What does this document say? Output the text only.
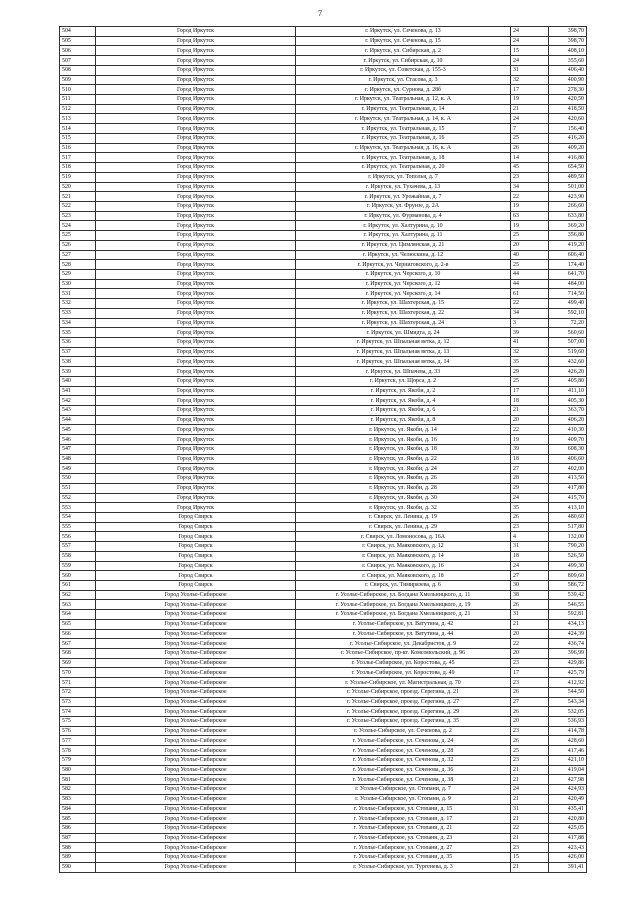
7
504	Город Иркутск	г. Иркутск, ул. Сеченова, д. 13	24	398,70
505	Город Иркутск	г. Иркутск, ул. Сеченова, д. 15	24	398,70
506	Город Иркутск	г. Иркутск, ул. Сибирская, д. 2	15	408,10
507	Город Иркутск	г. Иркутск, ул. Сибирская, д. 10	24	355,60
508	Город Иркутск	г. Иркутск, ул. Советская, д. 155-3	31	406,40
509	Город Иркутск	г. Иркутск, ул. Стасова, д. 3	32	400,90
510	Город Иркутск	г. Иркутск, ул. Сурнова, д. 28б	17	278,30
511	Город Иркутск	г. Иркутск, ул. Театральная, д. 12, к. А	19	420,50
512	Город Иркутск	г. Иркутск, ул. Театральная, д. 14	21	418,50
513	Город Иркутск	г. Иркутск, ул. Театральная, д. 14, к. А	24	420,60
514	Город Иркутск	г. Иркутск, ул. Театральная, д. 15	7	156,40
515	Город Иркутск	г. Иркутск, ул. Театральная, д. 16	25	416,20
516	Город Иркутск	г. Иркутск, ул. Театральная, д. 16, к. А	26	409,20
517	Город Иркутск	г. Иркутск, ул. Театральная, д. 18	14	416,80
518	Город Иркутск	г. Иркутск, ул. Театральная, д. 20	45	654,50
519	Город Иркутск	г. Иркутск, ул. Тополья, д. 7	23	489,50
520	Город Иркутск	г. Иркутск, ул. Тухачева, д. 13	34	501,00
521	Город Иркутск	г. Иркутск, ул. Урожайная, д. 7	22	423,90
522	Город Иркутск	г. Иркутск, ул. Фрунзе, д. 2А	19	266,60
523	Город Иркутск	г. Иркутск, ул. Фурманова, д. 4	63	633,80
524	Город Иркутск	г. Иркутск, ул. Халтурина, д. 10	19	369,20
525	Город Иркутск	г. Иркутск, ул. Халтурина, д. 11	25	356,80
526	Город Иркутск	г. Иркутск, ул. Цимлянская, д. 21	20	419,20
527	Город Иркутск	г. Иркутск, ул. Челюскина, д. 12	40	606,40
528	Город Иркутск	г. Иркутск, ул. Черниговского, д. 2-в	25	174,40
529	Город Иркутск	г. Иркутск, ул. Черского, д. 10	44	641,70
530	Город Иркутск	г. Иркутск, ул. Черского, д. 12	44	484,00
531	Город Иркутск	г. Иркутск, ул. Черского, д. 14	61	714,50
532	Город Иркутск	г. Иркутск, ул. Шахтерская, д. 15	22	499,40
533	Город Иркутск	г. Иркутск, ул. Шахтерская, д. 22	34	592,10
534	Город Иркутск	г. Иркутск, ул. Шахтерская, д. 24	3	72,20
535	Город Иркутск	г. Иркутск, ул. Шмидта, д. 24	39	560,60
536	Город Иркутск	г. Иркутск, ул. Шпальная ветка, д. 12	41	507,00
537	Город Иркутск	г. Иркутск, ул. Шпальная ветка, д. 13	32	519,60
538	Город Иркутск	г. Иркутск, ул. Шпальная ветка, д. 14	35	432,60
539	Город Иркутск	г. Иркутск, ул. Шпачева, д. 33	29	426,20
540	Город Иркутск	г. Иркутск, ул. Щорса, д. 2	25	405,80
541	Город Иркутск	г. Иркутск, ул. Якоби, д. 2	17	411,10
542	Город Иркутск	г. Иркутск, ул. Якоби, д. 4	18	405,30
543	Город Иркутск	г. Иркутск, ул. Якоби, д. 6	21	363,70
544	Город Иркутск	г. Иркутск, ул. Якоби, д. 8	20	406,20
545	Город Иркутск	г. Иркутск, ул. Якоби, д. 14	22	410,30
546	Город Иркутск	г. Иркутск, ул. Якоби, д. 16	19	409,70
547	Город Иркутск	г. Иркутск, ул. Якоби, д. 18	39	608,30
548	Город Иркутск	г. Иркутск, ул. Якоби, д. 22	18	406,60
549	Город Иркутск	г. Иркутск, ул. Якоби, д. 24	27	402,00
550	Город Иркутск	г. Иркутск, ул. Якоби, д. 26	28	413,50
551	Город Иркутск	г. Иркутск, ул. Якоби, д. 28	29	417,80
552	Город Иркутск	г. Иркутск, ул. Якоби, д. 30	24	415,70
553	Город Иркутск	г. Иркутск, ул. Якоби, д. 32	35	413,10
554	Город Свирск	г. Свирск, ул. Ленина, д. 19	26	480,60
555	Город Свирск	г. Свирск, ул. Ленина, д. 29	23	517,80
556	Город Свирск	г. Свирск, ул. Ломоносова, д. 16А	4	132,00
557	Город Свирск	г. Свирск, ул. Маяковского, д. 12	31	790,20
558	Город Свирск	г. Свирск, ул. Маяковского, д. 14	18	526,50
559	Город Свирск	г. Свирск, ул. Маяковского, д. 16	24	499,30
560	Город Свирск	г. Свирск, ул. Маяковского, д. 18	27	809,60
561	Город Свирск	г. Свирск, ул. Тимирязева, д. 6	30	586,72
562	Город Усолье-Сибирское	г. Усолье-Сибирское, ул. Богдана Хмельницкого, д. 11	38	539,42
563	Город Усолье-Сибирское	г. Усолье-Сибирское, ул. Богдана Хмельницкого, д. 19	26	546,55
564	Город Усолье-Сибирское	г. Усолье-Сибирское, ул. Богдана Хмельницкого, д. 21	31	592,81
565	Город Усолье-Сибирское	г. Усолье-Сибирское, ул. Ватутина, д. 42	21	434,13
566	Город Усолье-Сибирское	г. Усолье-Сибирское, ул. Ватутина, д. 44	20	424,39
567	Город Усолье-Сибирское	г. Усолье-Сибирское, ул. Декабристов, д. 9	22	436,74
568	Город Усолье-Сибирское	г. Усолье-Сибирское, пр-кт. Комсомольский, д. 96	20	396,99
569	Город Усолье-Сибирское	г. Усолье-Сибирское, ул. Коростова, д. 45	23	429,86
570	Город Усолье-Сибирское	г. Усолье-Сибирское, ул. Коростова, д. 49	17	425,79
571	Город Усолье-Сибирское	г. Усолье-Сибирское, ул. Магистральная, д. 70	23	412,92
572	Город Усолье-Сибирское	г. Усолье-Сибирское, проезд. Серегина, д. 21	26	544,50
573	Город Усолье-Сибирское	г. Усолье-Сибирское, проезд. Серегина, д. 27	27	543,34
574	Город Усолье-Сибирское	г. Усолье-Сибирское, проезд. Серегина, д. 29	26	532,05
575	Город Усолье-Сибирское	г. Усолье-Сибирское, проезд. Серегина, д. 35	20	536,93
576	Город Усолье-Сибирское	г. Усолье-Сибирское, ул. Сеченова, д. 2	23	414,78
577	Город Усолье-Сибирское	г. Усолье-Сибирское, ул. Сеченова, д. 24	26	428,60
578	Город Усолье-Сибирское	г. Усолье-Сибирское, ул. Сеченова, д. 28	25	417,46
579	Город Усолье-Сибирское	г. Усолье-Сибирское, ул. Сеченова, д. 32	23	421,10
580	Город Усолье-Сибирское	г. Усолье-Сибирское, ул. Сеченова, д. 36	21	419,04
581	Город Усолье-Сибирское	г. Усолье-Сибирское, ул. Сеченова, д. 38	21	427,98
582	Город Усолье-Сибирское	г. Усолье-Сибирское, ул. Стопани, д. 7	24	424,93
583	Город Усолье-Сибирское	г. Усолье-Сибирское, ул. Стопани, д. 9	21	420,49
584	Город Усолье-Сибирское	г. Усолье-Сибирское, ул. Стопани, д. 15	31	435,41
585	Город Усолье-Сибирское	г. Усолье-Сибирское, ул. Стопани, д. 17	21	420,80
586	Город Усолье-Сибирское	г. Усолье-Сибирское, ул. Стопани, д. 21	22	425,05
587	Город Усолье-Сибирское	г. Усолье-Сибирское, ул. Стопани, д. 23	21	417,88
588	Город Усолье-Сибирское	г. Усолье-Сибирское, ул. Стопани, д. 27	23	423,43
589	Город Усолье-Сибирское	г. Усолье-Сибирское, ул. Стопани, д. 35	15	426,00
590	Город Усолье-Сибирское	г. Усолье-Сибирское, ул. Тургенева, д. 3	21	391,41
